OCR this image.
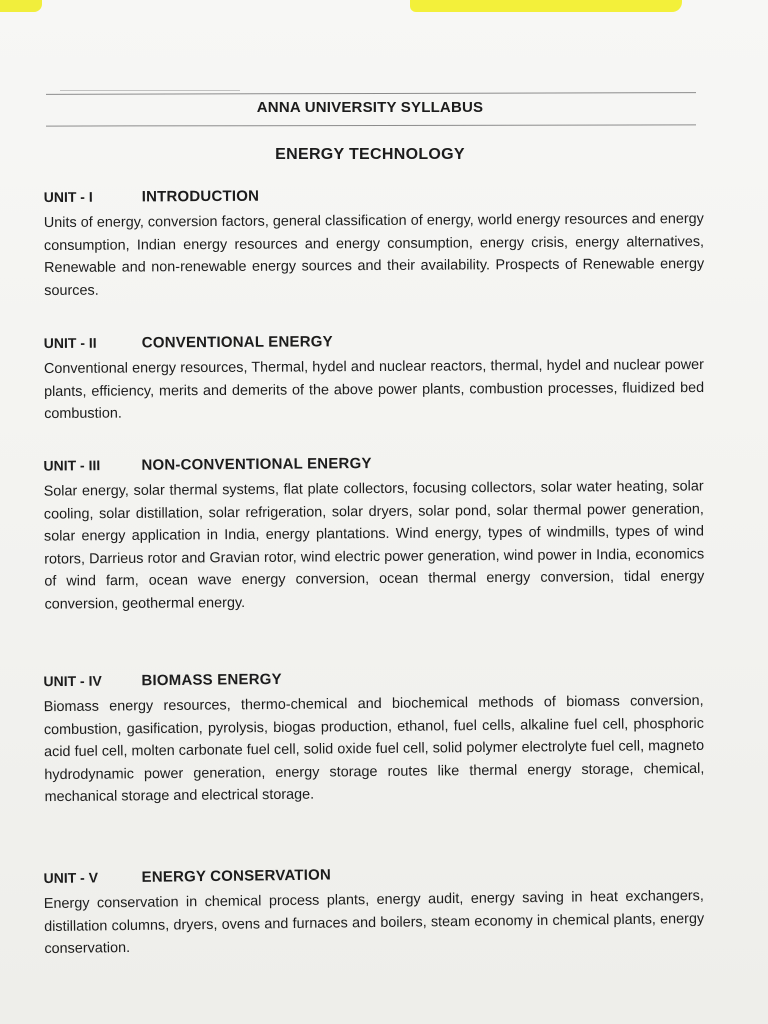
ANNA UNIVERSITY SYLLABUS
ENERGY TECHNOLOGY
UNIT - I	INTRODUCTION

Units of energy, conversion factors, general classification of energy, world energy resources and energy consumption, Indian energy resources and energy consumption, energy crisis, energy alternatives, Renewable and non-renewable energy sources and their availability. Prospects of Renewable energy sources.

UNIT - II	CONVENTIONAL ENERGY

Conventional energy resources, Thermal, hydel and nuclear reactors, thermal, hydel and nuclear power plants, efficiency, merits and demerits of the above power plants, combustion processes, fluidized bed combustion.

UNIT - III	NON-CONVENTIONAL ENERGY

Solar energy, solar thermal systems, flat plate collectors, focusing collectors, solar water heating, solar cooling, solar distillation, solar refrigeration, solar dryers, solar pond, solar thermal power generation, solar energy application in India, energy plantations. Wind energy, types of windmills, types of wind rotors, Darrieus rotor and Gravian rotor, wind electric power generation, wind power in India, economics of wind farm, ocean wave energy conversion, ocean thermal energy conversion, tidal energy conversion, geothermal energy.

UNIT - IV	BIOMASS ENERGY

Biomass energy resources, thermo-chemical and biochemical methods of biomass conversion, combustion, gasification, pyrolysis, biogas production, ethanol, fuel cells, alkaline fuel cell, phosphoric acid fuel cell, molten carbonate fuel cell, solid oxide fuel cell, solid polymer electrolyte fuel cell, magneto hydrodynamic power generation, energy storage routes like thermal energy storage, chemical, mechanical storage and electrical storage.

UNIT - V	ENERGY CONSERVATION

Energy conservation in chemical process plants, energy audit, energy saving in heat exchangers, distillation columns, dryers, ovens and furnaces and boilers, steam economy in chemical plants, energy conservation.
